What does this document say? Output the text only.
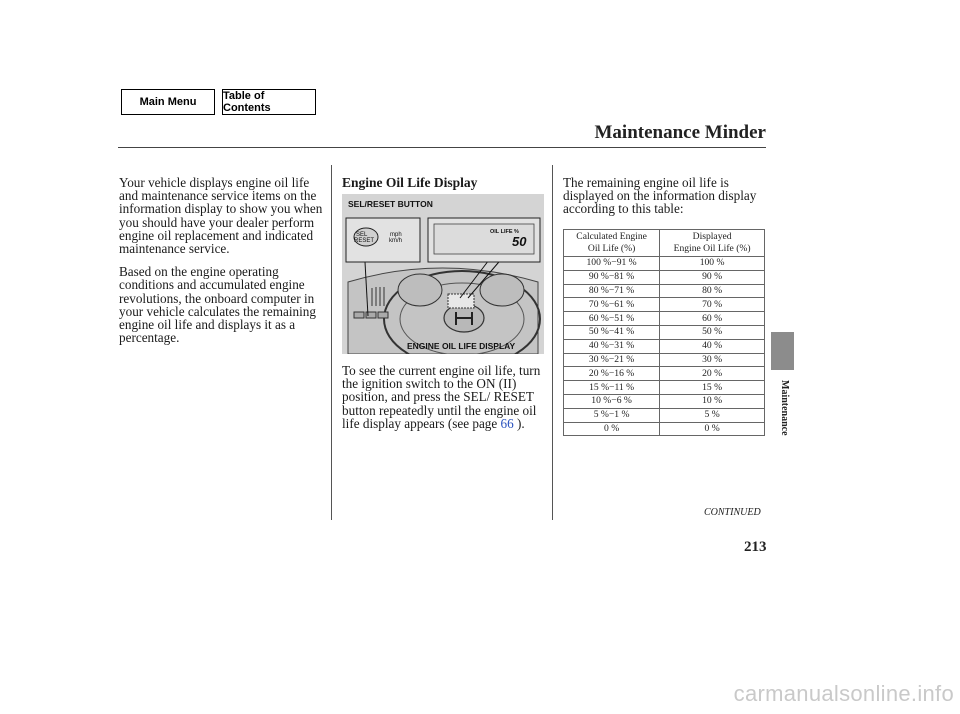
Main Menu	Table of Contents
Maintenance Minder

Your vehicle displays engine oil life and maintenance service items on the information display to show you when you should have your dealer perform engine oil replacement and indicated maintenance service.

Based on the engine operating conditions and accumulated engine revolutions, the onboard computer in your vehicle calculates the remaining engine oil life and displays it as a percentage.

Engine Oil Life Display
SEL/RESET BUTTON
SEL
RESET
mph
km/h
OIL LIFE %
50
ENGINE OIL LIFE DISPLAY
To see the current engine oil life, turn the ignition switch to the ON (II) position, and press the SEL/ RESET button repeatedly until the engine oil life display appears (see page 66 ).
The remaining engine oil life is displayed on the information display according to this table:
Calculated Engine
Oil Life (%)	Displayed
Engine Oil Life (%)
100 %−91 %	100 %
90 %−81 %	90 %
80 %−71 %	80 %
70 %−61 %	70 %
60 %−51 %	60 %
50 %−41 %	50 %
40 %−31 %	40 %
30 %−21 %	30 %
20 %−16 %	20 %
15 %−11 %	15 %
10 %−6 %	10 %
5 %−1 %	5 %
0 %	0 %
CONTINUED
213
Maintenance
carmanualsonline.info
